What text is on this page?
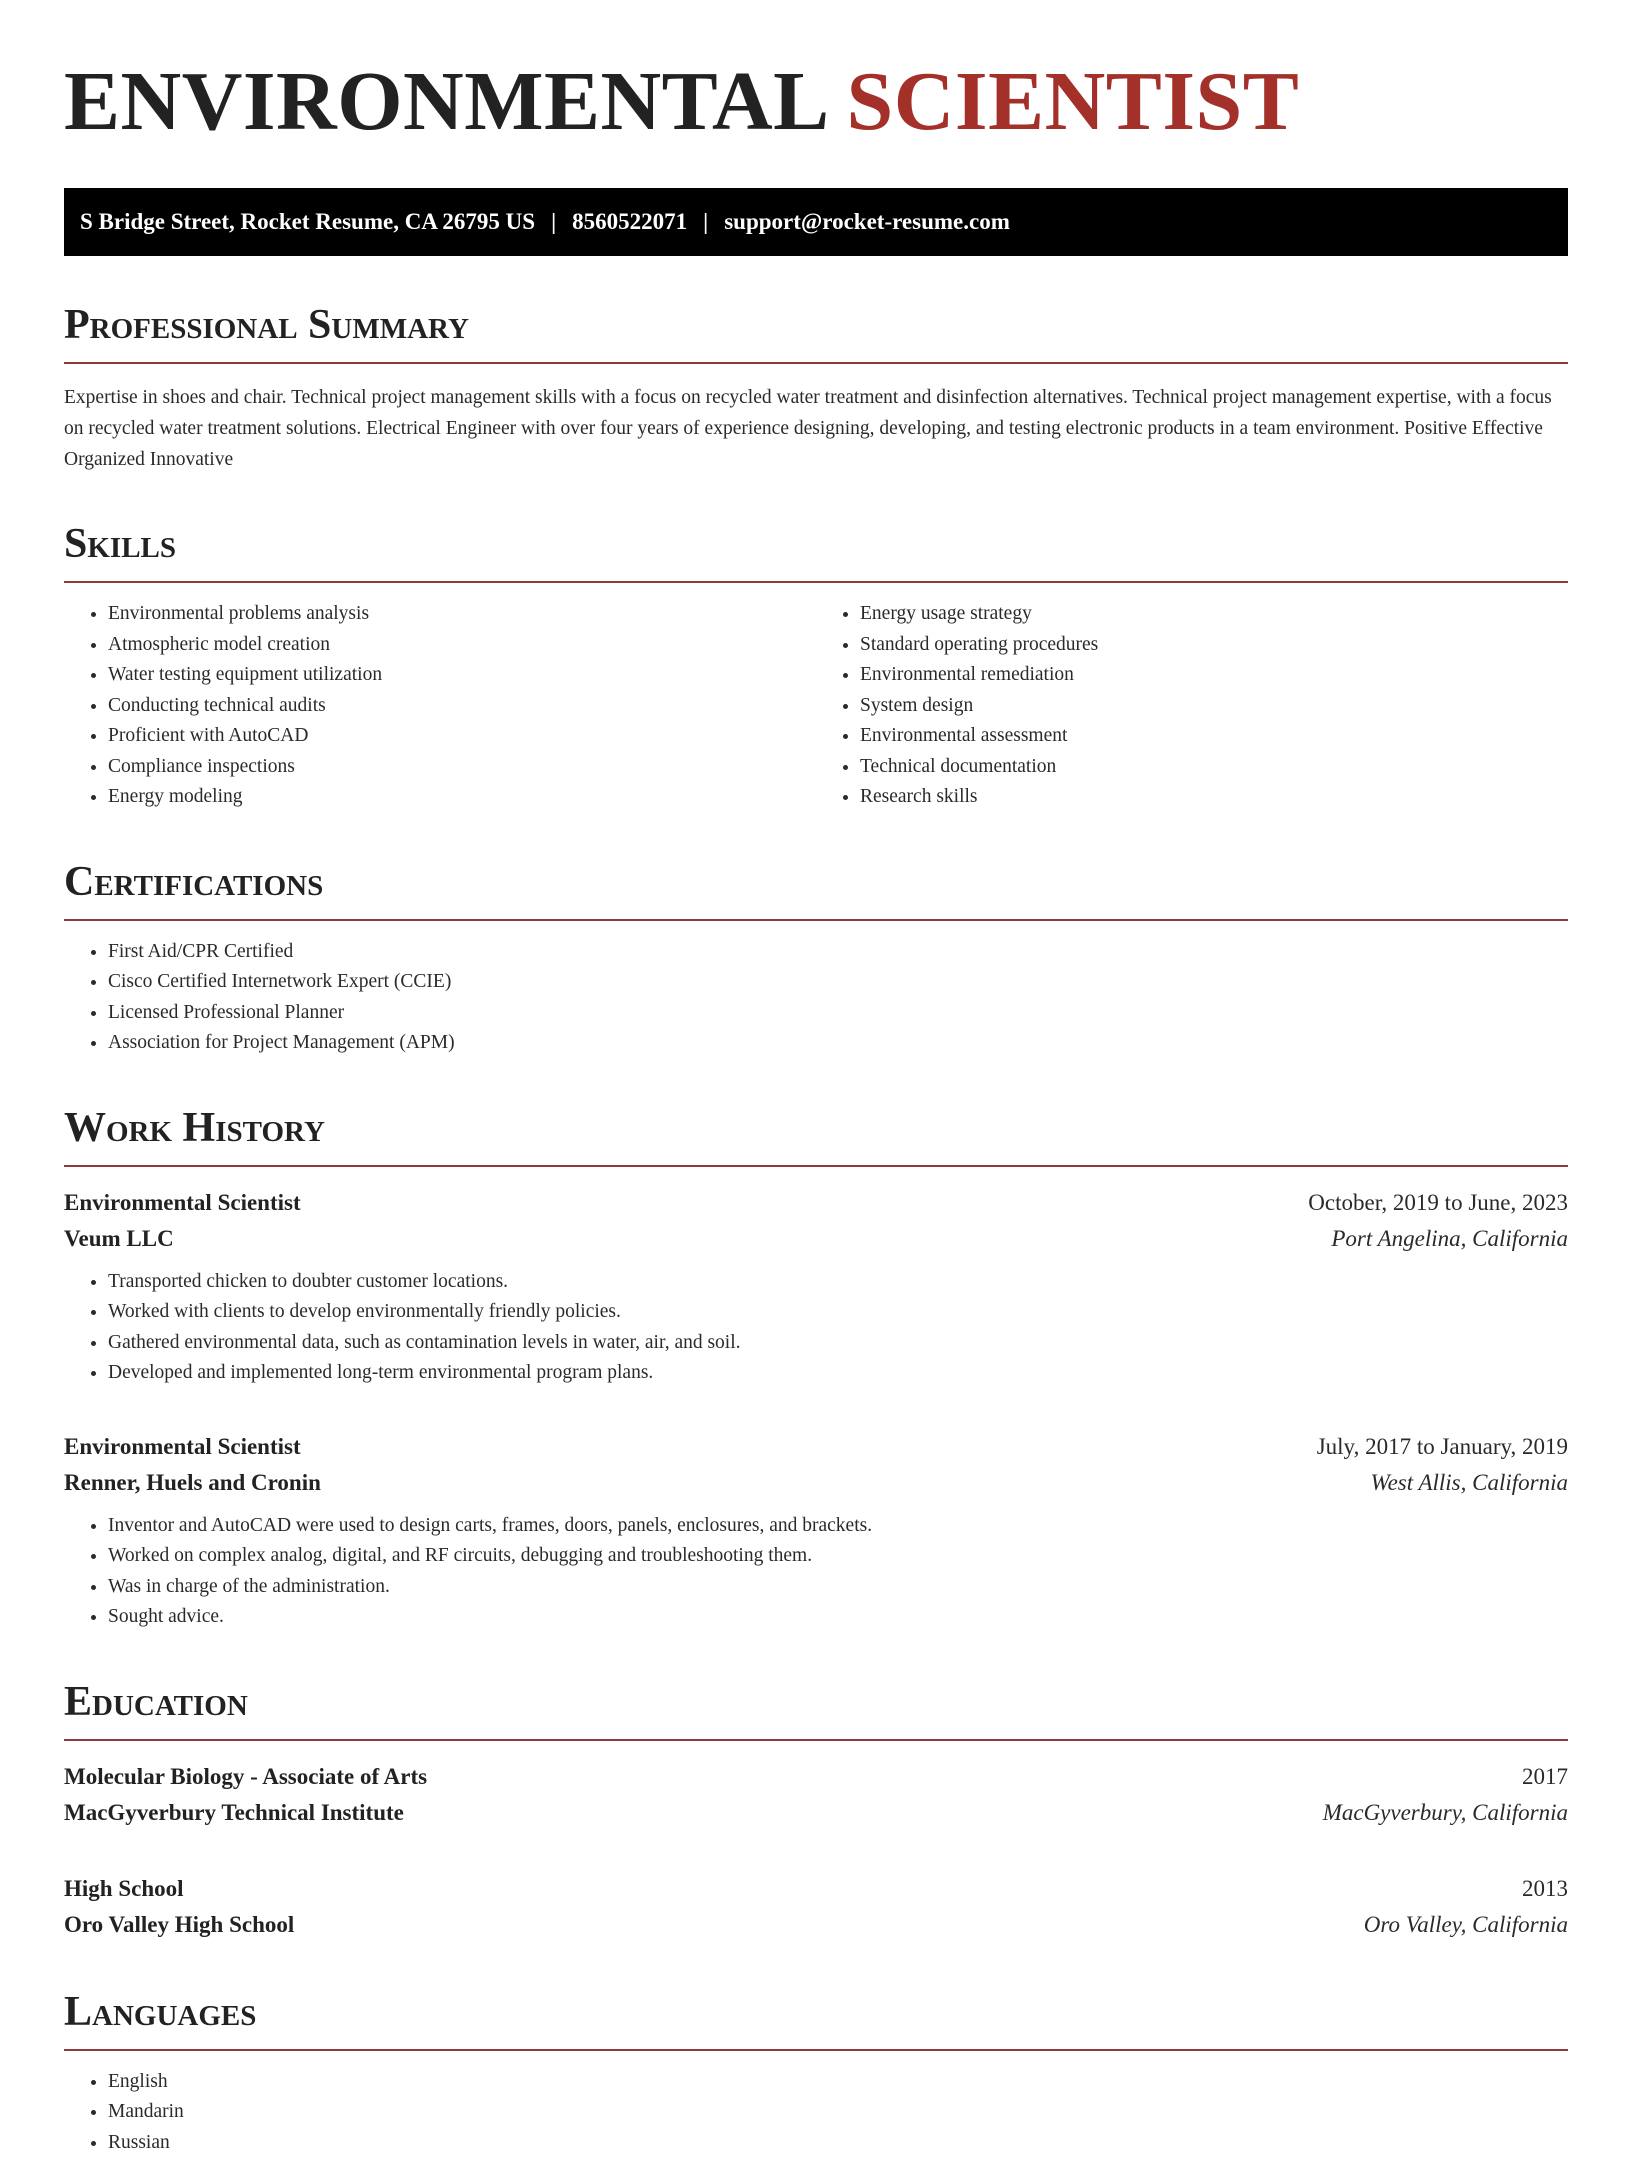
ENVIRONMENTAL SCIENTIST
S Bridge Street, Rocket Resume, CA 26795 US | 8560522071 | support@rocket-resume.com
Professional Summary

Expertise in shoes and chair. Technical project management skills with a focus on recycled water treatment and disinfection alternatives. Technical project management expertise, with a focus on recycled water treatment solutions. Electrical Engineer with over four years of experience designing, developing, and testing electronic products in a team environment. Positive Effective Organized Innovative

Skills
• Environmental problems analysis
• Atmospheric model creation
• Water testing equipment utilization
• Conducting technical audits
• Proficient with AutoCAD
• Compliance inspections
• Energy modeling
• Energy usage strategy
• Standard operating procedures
• Environmental remediation
• System design
• Environmental assessment
• Technical documentation
• Research skills
Certifications
• First Aid/CPR Certified
• Cisco Certified Internetwork Expert (CCIE)
• Licensed Professional Planner
• Association for Project Management (APM)
Work History
Environmental Scientist	October, 2019 to June, 2023
Veum LLC	Port Angelina, California
• Transported chicken to doubter customer locations.
• Worked with clients to develop environmentally friendly policies.
• Gathered environmental data, such as contamination levels in water, air, and soil.
• Developed and implemented long-term environmental program plans.
Environmental Scientist	July, 2017 to January, 2019
Renner, Huels and Cronin	West Allis, California
• Inventor and AutoCAD were used to design carts, frames, doors, panels, enclosures, and brackets.
• Worked on complex analog, digital, and RF circuits, debugging and troubleshooting them.
• Was in charge of the administration.
• Sought advice.
Education
Molecular Biology - Associate of Arts	2017
MacGyverbury Technical Institute	MacGyverbury, California
High School	2013
Oro Valley High School	Oro Valley, California
Languages
• English
• Mandarin
• Russian
